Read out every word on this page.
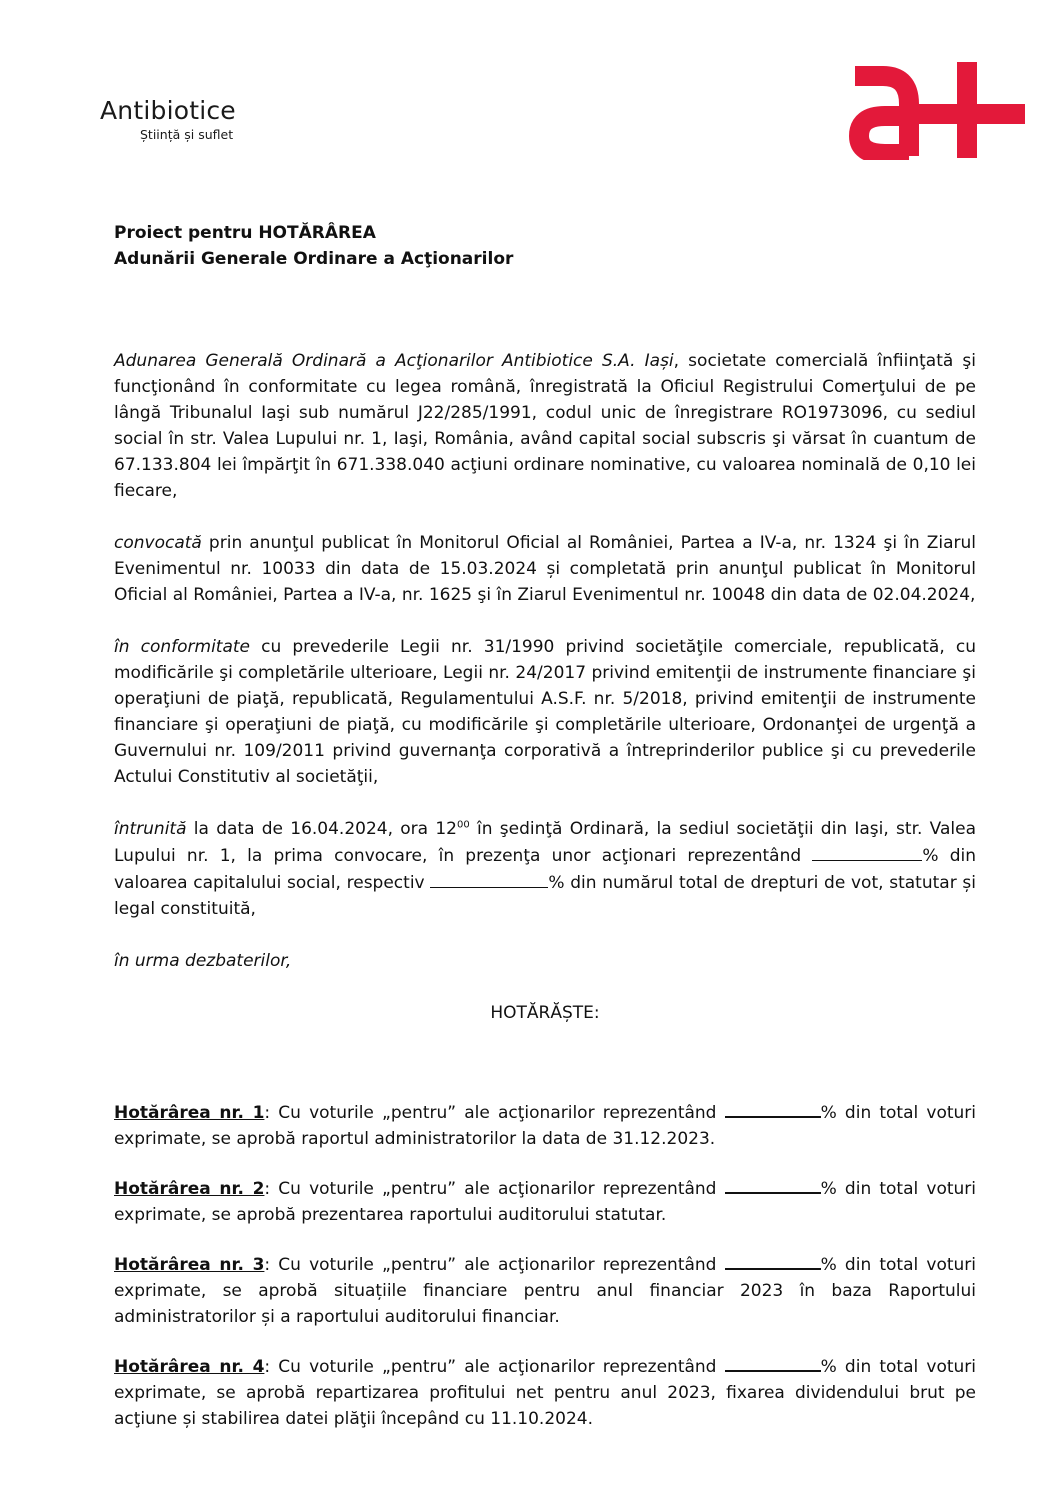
Antibiotice
Știință și suflet
Proiect pentru HOTĂRÂREA
Adunării Generale Ordinare a Acţionarilor
Adunarea Generală Ordinară a Acţionarilor Antibiotice S.A. Iași, societate comercială înfiinţată şi funcţionând în conformitate cu legea română, înregistrată la Oficiul Registrului Comerţului de pe lângă Tribunalul Iaşi sub numărul J22/285/1991, codul unic de înregistrare RO1973096, cu sediul social în str. Valea Lupului nr. 1, Iaşi, România, având capital social subscris şi vărsat în cuantum de 67.133.804 lei împărţit în 671.338.040 acţiuni ordinare nominative, cu valoarea nominală de 0,10 lei fiecare,
convocată prin anunţul publicat în Monitorul Oficial al României, Partea a IV-a, nr. 1324 şi în Ziarul Evenimentul nr. 10033 din data de 15.03.2024 și completată prin anunţul publicat în Monitorul Oficial al României, Partea a IV-a, nr. 1625 şi în Ziarul Evenimentul nr. 10048 din data de 02.04.2024,
în conformitate cu prevederile Legii nr. 31/1990 privind societăţile comerciale, republicată, cu modificările şi completările ulterioare, Legii nr. 24/2017 privind emitenţii de instrumente financiare şi operaţiuni de piaţă, republicată, Regulamentului A.S.F. nr. 5/2018, privind emitenţii de instrumente financiare şi operaţiuni de piaţă, cu modificările şi completările ulterioare, Ordonanţei de urgenţă a Guvernului nr. 109/2011 privind guvernanţa corporativă a întreprinderilor publice şi cu prevederile Actului Constitutiv al societăţii,
întrunită la data de 16.04.2024, ora $12^{00}$ în şedinţă Ordinară, la sediul societăţii din Iaşi, str. Valea Lupului nr. 1, la prima convocare, în prezenţa unor acţionari reprezentând	% din valoarea capitalului social, respectiv	% din numărul total de drepturi de vot, statutar și legal constituită,
în urma dezbaterilor,
HOTĂRĂȘTE:
Hotărârea nr. 1: Cu voturile „pentru” ale acţionarilor reprezentând	% din total voturi exprimate, se aprobă raportul administratorilor la data de 31.12.2023.
Hotărârea nr. 2: Cu voturile „pentru” ale acţionarilor reprezentând	% din total voturi exprimate, se aprobă prezentarea raportului auditorului statutar.
Hotărârea nr. 3: Cu voturile „pentru” ale acţionarilor reprezentând	% din total voturi exprimate, se aprobă situațiile financiare pentru anul financiar 2023 în baza Raportului administratorilor și a raportului auditorului financiar.
Hotărârea nr. 4: Cu voturile „pentru” ale acţionarilor reprezentând	% din total voturi exprimate, se aprobă repartizarea profitului net pentru anul 2023, fixarea dividendului brut pe acţiune și stabilirea datei plăţii începând cu 11.10.2024.
